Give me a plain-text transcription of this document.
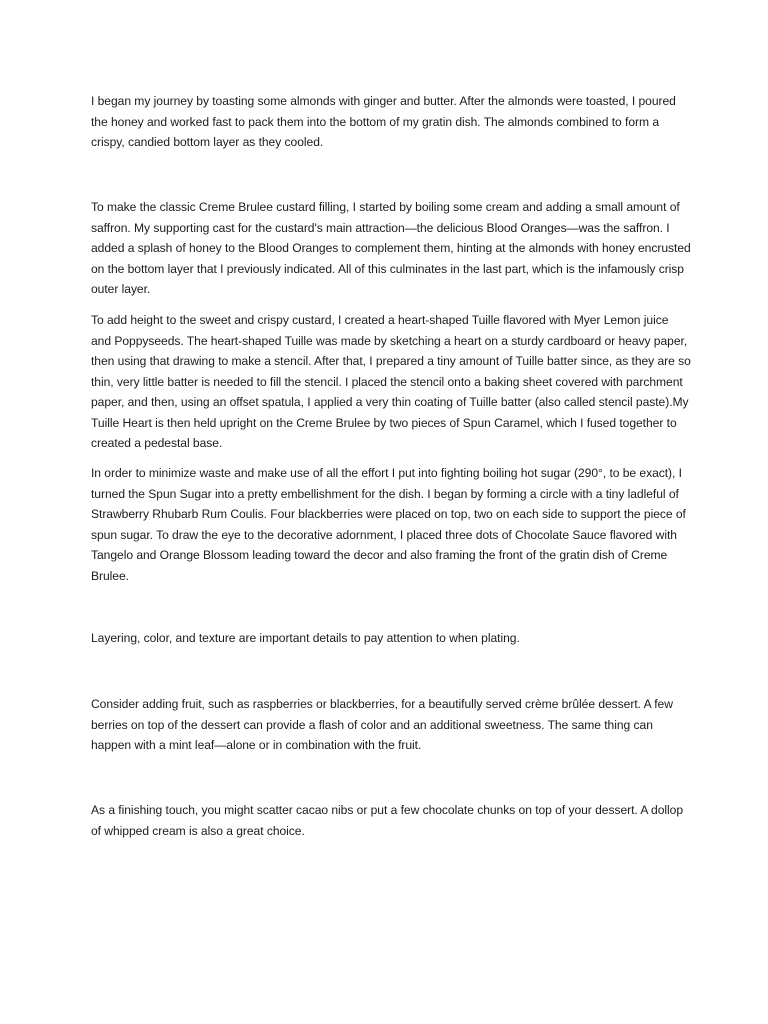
I began my journey by toasting some almonds with ginger and butter. After the almonds were toasted, I poured the honey and worked fast to pack them into the bottom of my gratin dish. The almonds combined to form a crispy, candied bottom layer as they cooled.

To make the classic Creme Brulee custard filling, I started by boiling some cream and adding a small amount of saffron. My supporting cast for the custard's main attraction—the delicious Blood Oranges—was the saffron. I added a splash of honey to the Blood Oranges to complement them, hinting at the almonds with honey encrusted on the bottom layer that I previously indicated. All of this culminates in the last part, which is the infamously crisp outer layer.

To add height to the sweet and crispy custard, I created a heart-shaped Tuille flavored with Myer Lemon juice and Poppyseeds. The heart-shaped Tuille was made by sketching a heart on a sturdy cardboard or heavy paper, then using that drawing to make a stencil. After that, I prepared a tiny amount of Tuille batter since, as they are so thin, very little batter is needed to fill the stencil. I placed the stencil onto a baking sheet covered with parchment paper, and then, using an offset spatula, I applied a very thin coating of Tuille batter (also called stencil paste).My Tuille Heart is then held upright on the Creme Brulee by two pieces of Spun Caramel, which I fused together to created a pedestal base.

In order to minimize waste and make use of all the effort I put into fighting boiling hot sugar (290°, to be exact), I turned the Spun Sugar into a pretty embellishment for the dish. I began by forming a circle with a tiny ladleful of Strawberry Rhubarb Rum Coulis. Four blackberries were placed on top, two on each side to support the piece of spun sugar. To draw the eye to the decorative adornment, I placed three dots of Chocolate Sauce flavored with Tangelo and Orange Blossom leading toward the decor and also framing the front of the gratin dish of Creme Brulee.

Layering, color, and texture are important details to pay attention to when plating.

Consider adding fruit, such as raspberries or blackberries, for a beautifully served crème brûlée dessert. A few berries on top of the dessert can provide a flash of color and an additional sweetness. The same thing can happen with a mint leaf—alone or in combination with the fruit.

As a finishing touch, you might scatter cacao nibs or put a few chocolate chunks on top of your dessert. A dollop of whipped cream is also a great choice.
